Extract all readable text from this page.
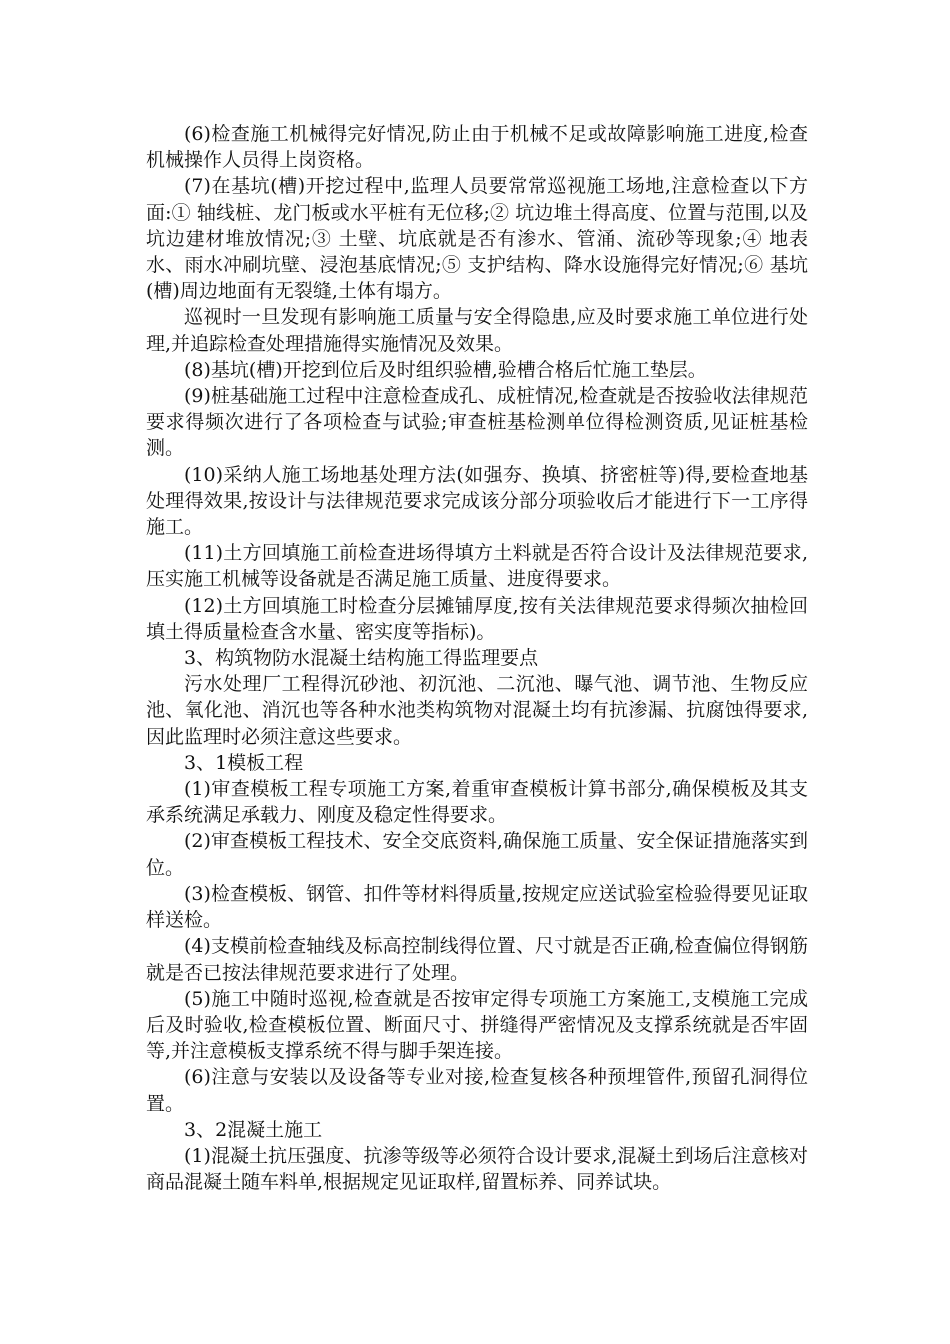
(6)检查施工机械得完好情况,防止由于机械不足或故障影响施工进度,检查机械操作人员得上岗资格。

(7)在基坑(槽)开挖过程中,监理人员要常常巡视施工场地,注意检查以下方面:① 轴线桩、龙门板或水平桩有无位移;② 坑边堆土得高度、位置与范围,以及坑边建材堆放情况;③ 土壁、坑底就是否有渗水、管涌、流砂等现象;④ 地表水、雨水冲刷坑壁、浸泡基底情况;⑤ 支护结构、降水设施得完好情况;⑥ 基坑(槽)周边地面有无裂缝,土体有塌方。

巡视时一旦发现有影响施工质量与安全得隐患,应及时要求施工单位进行处理,并追踪检查处理措施得实施情况及效果。

(8)基坑(槽)开挖到位后及时组织验槽,验槽合格后忙施工垫层。

(9)桩基础施工过程中注意检查成孔、成桩情况,检查就是否按验收法律规范要求得频次进行了各项检查与试验;审查桩基检测单位得检测资质,见证桩基检测。

(10)采纳人施工场地基处理方法(如强夯、换填、挤密桩等)得,要检查地基处理得效果,按设计与法律规范要求完成该分部分项验收后才能进行下一工序得施工。

(11)土方回填施工前检查进场得填方土料就是否符合设计及法律规范要求,压实施工机械等设备就是否满足施工质量、进度得要求。

(12)土方回填施工时检查分层摊铺厚度,按有关法律规范要求得频次抽检回填土得质量检查含水量、密实度等指标)。

3、构筑物防水混凝土结构施工得监理要点

污水处理厂工程得沉砂池、初沉池、二沉池、曝气池、调节池、生物反应池、氧化池、消沉也等各种水池类构筑物对混凝土均有抗渗漏、抗腐蚀得要求,因此监理时必须注意这些要求。

3、1模板工程

(1)审查模板工程专项施工方案,着重审查模板计算书部分,确保模板及其支承系统满足承载力、刚度及稳定性得要求。

(2)审查模板工程技术、安全交底资料,确保施工质量、安全保证措施落实到位。

(3)检查模板、钢管、扣件等材料得质量,按规定应送试验室检验得要见证取样送检。

(4)支模前检查轴线及标高控制线得位置、尺寸就是否正确,检查偏位得钢筋就是否已按法律规范要求进行了处理。

(5)施工中随时巡视,检查就是否按审定得专项施工方案施工,支模施工完成后及时验收,检查模板位置、断面尺寸、拼缝得严密情况及支撑系统就是否牢固等,并注意模板支撑系统不得与脚手架连接。

(6)注意与安装以及设备等专业对接,检查复核各种预埋管件,预留孔洞得位置。

3、2混凝土施工

(1)混凝土抗压强度、抗渗等级等必须符合设计要求,混凝土到场后注意核对商品混凝土随车料单,根据规定见证取样,留置标养、同养试块。
